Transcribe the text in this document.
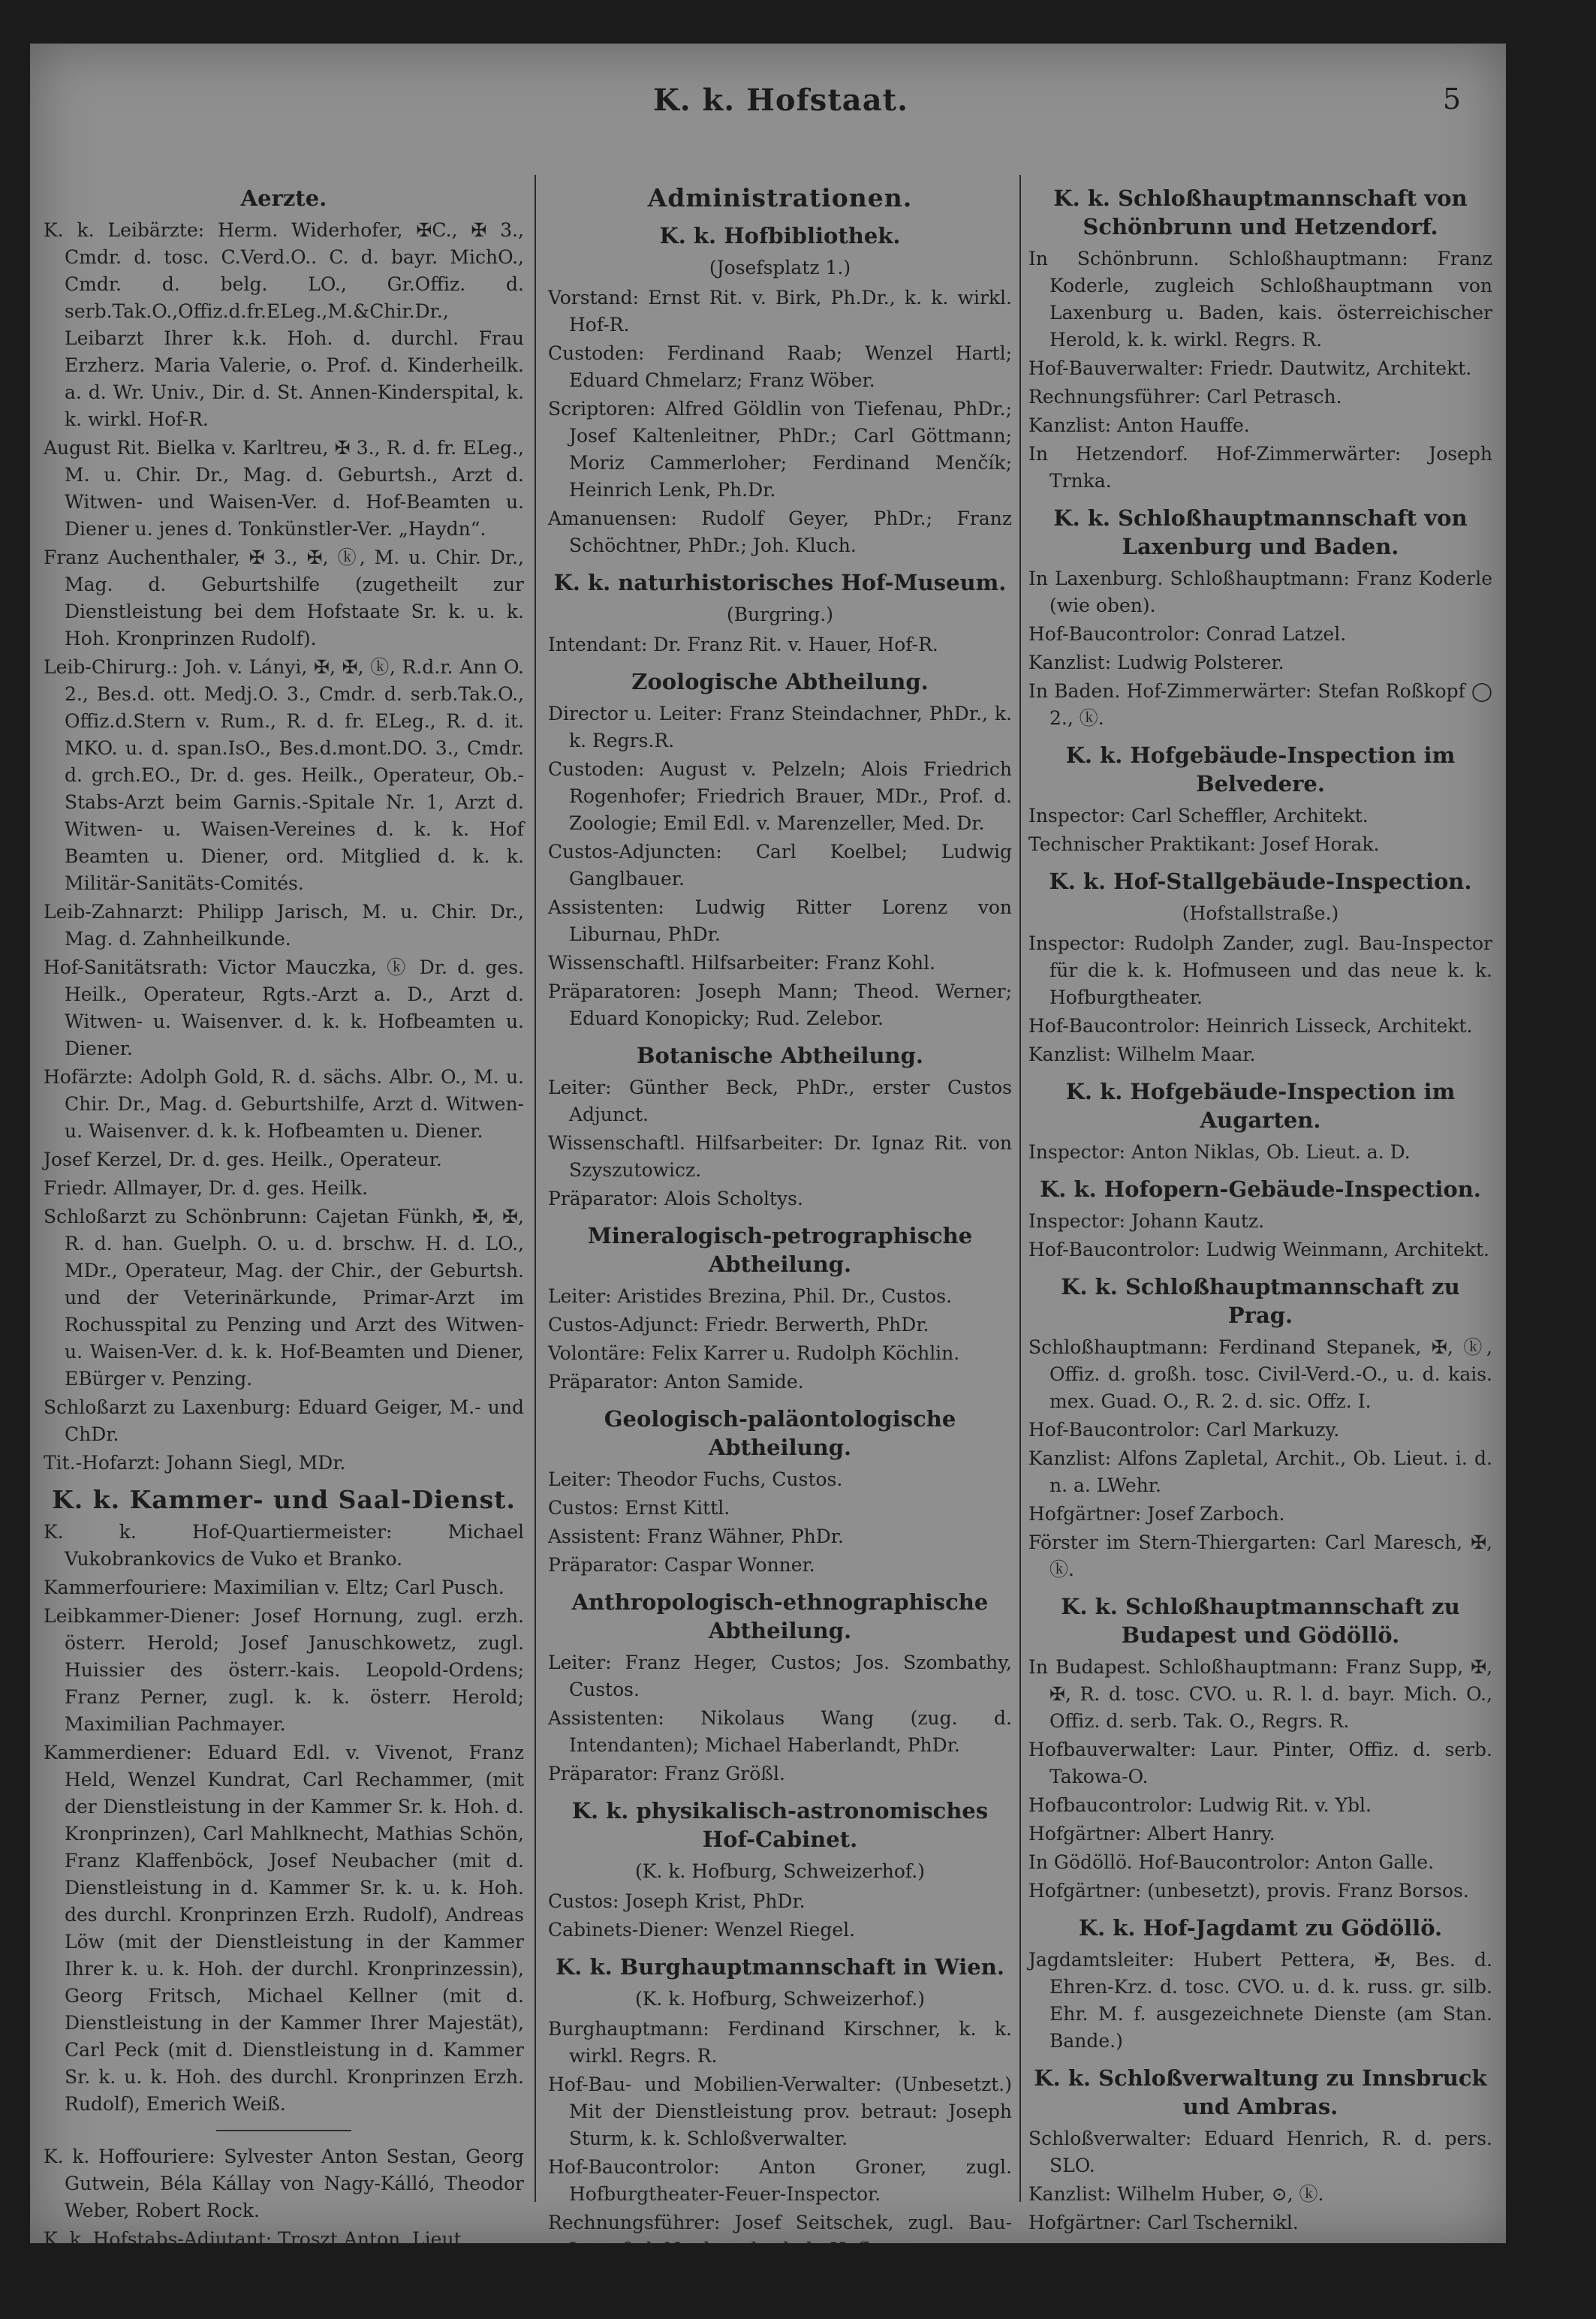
K. k. Hofstaat.	5
Aerzte.
K. k. Leibärzte: Herm. Widerhofer, ✠C., ✠ 3., Cmdr. d. tosc. C.Verd.O.. C. d. bayr. MichO., Cmdr. d. belg. LO., Gr.Offiz. d. serb.Tak.O.,Offiz.d.fr.ELeg.,M.&Chir.Dr., Leibarzt Ihrer k.k. Hoh. d. durchl. Frau Erzherz. Maria Valerie, o. Prof. d. Kinderheilk. a. d. Wr. Univ., Dir. d. St. Annen-Kinderspital, k. k. wirkl. Hof-R.
August Rit. Bielka v. Karltreu, ✠ 3., R. d. fr. ELeg., M. u. Chir. Dr., Mag. d. Geburtsh., Arzt d. Witwen- und Waisen-Ver. d. Hof-Beamten u. Diener u. jenes d. Tonkünstler-Ver. „Haydn“.
Franz Auchenthaler, ✠ 3., ✠, ⓚ, M. u. Chir. Dr., Mag. d. Geburtshilfe (zugetheilt zur Dienstleistung bei dem Hofstaate Sr. k. u. k. Hoh. Kronprinzen Rudolf).
Leib-Chirurg.: Joh. v. Lányi, ✠, ✠, ⓚ, R.d.r. Ann O. 2., Bes.d. ott. Medj.O. 3., Cmdr. d. serb.Tak.O., Offiz.d.Stern v. Rum., R. d. fr. ELeg., R. d. it. MKO. u. d. span.IsO., Bes.d.mont.DO. 3., Cmdr. d. grch.EO., Dr. d. ges. Heilk., Operateur, Ob.-Stabs-Arzt beim Garnis.-Spitale Nr. 1, Arzt d. Witwen- u. Waisen-Vereines d. k. k. Hof Beamten u. Diener, ord. Mitglied d. k. k. Militär-Sanitäts-Comités.
Leib-Zahnarzt: Philipp Jarisch, M. u. Chir. Dr., Mag. d. Zahnheilkunde.
Hof-Sanitätsrath: Victor Mauczka, ⓚ Dr. d. ges. Heilk., Operateur, Rgts.-Arzt a. D., Arzt d. Witwen- u. Waisenver. d. k. k. Hofbeamten u. Diener.
Hofärzte: Adolph Gold, R. d. sächs. Albr. O., M. u. Chir. Dr., Mag. d. Geburtshilfe, Arzt d. Witwen- u. Waisenver. d. k. k. Hofbeamten u. Diener.
Josef Kerzel, Dr. d. ges. Heilk., Operateur.
Friedr. Allmayer, Dr. d. ges. Heilk.
Schloßarzt zu Schönbrunn: Cajetan Fünkh, ✠, ✠, R. d. han. Guelph. O. u. d. brschw. H. d. LO., MDr., Operateur, Mag. der Chir., der Geburtsh. und der Veterinärkunde, Primar-Arzt im Rochusspital zu Penzing und Arzt des Witwen- u. Waisen-Ver. d. k. k. Hof-Beamten und Diener, EBürger v. Penzing.
Schloßarzt zu Laxenburg: Eduard Geiger, M.- und ChDr.
Tit.-Hofarzt: Johann Siegl, MDr.
K. k. Kammer- und Saal-Dienst.
K. k. Hof-Quartiermeister: Michael Vukobrankovics de Vuko et Branko.
Kammerfouriere: Maximilian v. Eltz; Carl Pusch.
Leibkammer-Diener: Josef Hornung, zugl. erzh. österr. Herold; Josef Januschkowetz, zugl. Huissier des österr.-kais. Leopold-Ordens; Franz Perner, zugl. k. k. österr. Herold; Maximilian Pachmayer.
Kammerdiener: Eduard Edl. v. Vivenot, Franz Held, Wenzel Kundrat, Carl Rechammer, (mit der Dienstleistung in der Kammer Sr. k. Hoh. d. Kronprinzen), Carl Mahlknecht, Mathias Schön, Franz Klaffenböck, Josef Neubacher (mit d. Dienstleistung in d. Kammer Sr. k. u. k. Hoh. des durchl. Kronprinzen Erzh. Rudolf), Andreas Löw (mit der Dienstleistung in der Kammer Ihrer k. u. k. Hoh. der durchl. Kronprinzessin), Georg Fritsch, Michael Kellner (mit d. Dienstleistung in der Kammer Ihrer Majestät), Carl Peck (mit d. Dienstleistung in d. Kammer Sr. k. u. k. Hoh. des durchl. Kronprinzen Erzh. Rudolf), Emerich Weiß.
K. k. Hoffouriere: Sylvester Anton Sestan, Georg Gutwein, Béla Kállay von Nagy-Kálló, Theodor Weber, Robert Rock.
K. k. Hofstabs-Adjutant: Troszt Anton, Lieut.
Administrationen.
K. k. Hofbibliothek.
(Josefsplatz 1.)
Vorstand: Ernst Rit. v. Birk, Ph.Dr., k. k. wirkl. Hof-R.
Custoden: Ferdinand Raab; Wenzel Hartl; Eduard Chmelarz; Franz Wöber.
Scriptoren: Alfred Göldlin von Tiefenau, PhDr.; Josef Kaltenleitner, PhDr.; Carl Göttmann; Moriz Cammerloher; Ferdinand Menčík; Heinrich Lenk, Ph.Dr.
Amanuensen: Rudolf Geyer, PhDr.; Franz Schöchtner, PhDr.; Joh. Kluch.
K. k. naturhistorisches Hof-Museum.
(Burgring.)
Intendant: Dr. Franz Rit. v. Hauer, Hof-R.
Zoologische Abtheilung.
Director u. Leiter: Franz Steindachner, PhDr., k. k. Regrs.R.
Custoden: August v. Pelzeln; Alois Friedrich Rogenhofer; Friedrich Brauer, MDr., Prof. d. Zoologie; Emil Edl. v. Marenzeller, Med. Dr.
Custos-Adjuncten: Carl Koelbel; Ludwig Ganglbauer.
Assistenten: Ludwig Ritter Lorenz von Liburnau, PhDr.
Wissenschaftl. Hilfsarbeiter: Franz Kohl.
Präparatoren: Joseph Mann; Theod. Werner; Eduard Konopicky; Rud. Zelebor.
Botanische Abtheilung.
Leiter: Günther Beck, PhDr., erster Custos Adjunct.
Wissenschaftl. Hilfsarbeiter: Dr. Ignaz Rit. von Szyszutowicz.
Präparator: Alois Scholtys.
Mineralogisch-petrographische Abtheilung.
Leiter: Aristides Brezina, Phil. Dr., Custos.
Custos-Adjunct: Friedr. Berwerth, PhDr.
Volontäre: Felix Karrer u. Rudolph Köchlin.
Präparator: Anton Samide.
Geologisch-paläontologische Abtheilung.
Leiter: Theodor Fuchs, Custos.
Custos: Ernst Kittl.
Assistent: Franz Wähner, PhDr.
Präparator: Caspar Wonner.
Anthropologisch-ethnographische Abtheilung.
Leiter: Franz Heger, Custos; Jos. Szombathy, Custos.
Assistenten: Nikolaus Wang (zug. d. Intendanten); Michael Haberlandt, PhDr.
Präparator: Franz Größl.
K. k. physikalisch-astronomisches Hof-Cabinet.
(K. k. Hofburg, Schweizerhof.)
Custos: Joseph Krist, PhDr.
Cabinets-Diener: Wenzel Riegel.
K. k. Burghauptmannschaft in Wien.
(K. k. Hofburg, Schweizerhof.)
Burghauptmann: Ferdinand Kirschner, k. k. wirkl. Regrs. R.
Hof-Bau- und Mobilien-Verwalter: (Unbesetzt.) Mit der Dienstleistung prov. betraut: Joseph Sturm, k. k. Schloßverwalter.
Hof-Baucontrolor: Anton Groner, zugl. Hofburgtheater-Feuer-Inspector.
Rechnungsführer: Josef Seitschek, zugl. Bau-Insp. f. d. Neubau der k. k. Hofburg.
Kanzlisten: Ignaz Schlosser, zugl. Hofburgtheater-Feuer-Insp., Franz Figlhuber.
K. k. Schloßhauptmannschaft von Schönbrunn und Hetzendorf.
In Schönbrunn. Schloßhauptmann: Franz Koderle, zugleich Schloßhauptmann von Laxenburg u. Baden, kais. österreichischer Herold, k. k. wirkl. Regrs. R.
Hof-Bauverwalter: Friedr. Dautwitz, Architekt.
Rechnungsführer: Carl Petrasch.
Kanzlist: Anton Hauffe.
In Hetzendorf. Hof-Zimmerwärter: Joseph Trnka.
K. k. Schloßhauptmannschaft von Laxenburg und Baden.
In Laxenburg. Schloßhauptmann: Franz Koderle (wie oben).
Hof-Baucontrolor: Conrad Latzel.
Kanzlist: Ludwig Polsterer.
In Baden. Hof-Zimmerwärter: Stefan Roßkopf ◯ 2., ⓚ.
K. k. Hofgebäude-Inspection im Belvedere.
Inspector: Carl Scheffler, Architekt.
Technischer Praktikant: Josef Horak.
K. k. Hof-Stallgebäude-Inspection.
(Hofstallstraße.)
Inspector: Rudolph Zander, zugl. Bau-Inspector für die k. k. Hofmuseen und das neue k. k. Hofburgtheater.
Hof-Baucontrolor: Heinrich Lisseck, Architekt.
Kanzlist: Wilhelm Maar.
K. k. Hofgebäude-Inspection im Augarten.
Inspector: Anton Niklas, Ob. Lieut. a. D.
K. k. Hofopern-Gebäude-Inspection.
Inspector: Johann Kautz.
Hof-Baucontrolor: Ludwig Weinmann, Architekt.
K. k. Schloßhauptmannschaft zu Prag.
Schloßhauptmann: Ferdinand Stepanek, ✠, ⓚ, Offiz. d. großh. tosc. Civil-Verd.-O., u. d. kais. mex. Guad. O., R. 2. d. sic. Offz. I.
Hof-Baucontrolor: Carl Markuzy.
Kanzlist: Alfons Zapletal, Archit., Ob. Lieut. i. d. n. a. LWehr.
Hofgärtner: Josef Zarboch.
Förster im Stern-Thiergarten: Carl Maresch, ✠, ⓚ.
K. k. Schloßhauptmannschaft zu Budapest und Gödöllö.
In Budapest. Schloßhauptmann: Franz Supp, ✠, ✠, R. d. tosc. CVO. u. R. l. d. bayr. Mich. O., Offiz. d. serb. Tak. O., Regrs. R.
Hofbauverwalter: Laur. Pinter, Offiz. d. serb. Takowa-O.
Hofbaucontrolor: Ludwig Rit. v. Ybl.
Hofgärtner: Albert Hanry.
In Gödöllö. Hof-Baucontrolor: Anton Galle.
Hofgärtner: (unbesetzt), provis. Franz Borsos.
K. k. Hof-Jagdamt zu Gödöllö.
Jagdamtsleiter: Hubert Pettera, ✠, Bes. d. Ehren-Krz. d. tosc. CVO. u. d. k. russ. gr. silb. Ehr. M. f. ausgezeichnete Dienste (am Stan. Bande.)
K. k. Schloßverwaltung zu Innsbruck und Ambras.
Schloßverwalter: Eduard Henrich, R. d. pers. SLO.
Kanzlist: Wilhelm Huber, ⊙, ⓚ.
Hofgärtner: Carl Tschernikl.
